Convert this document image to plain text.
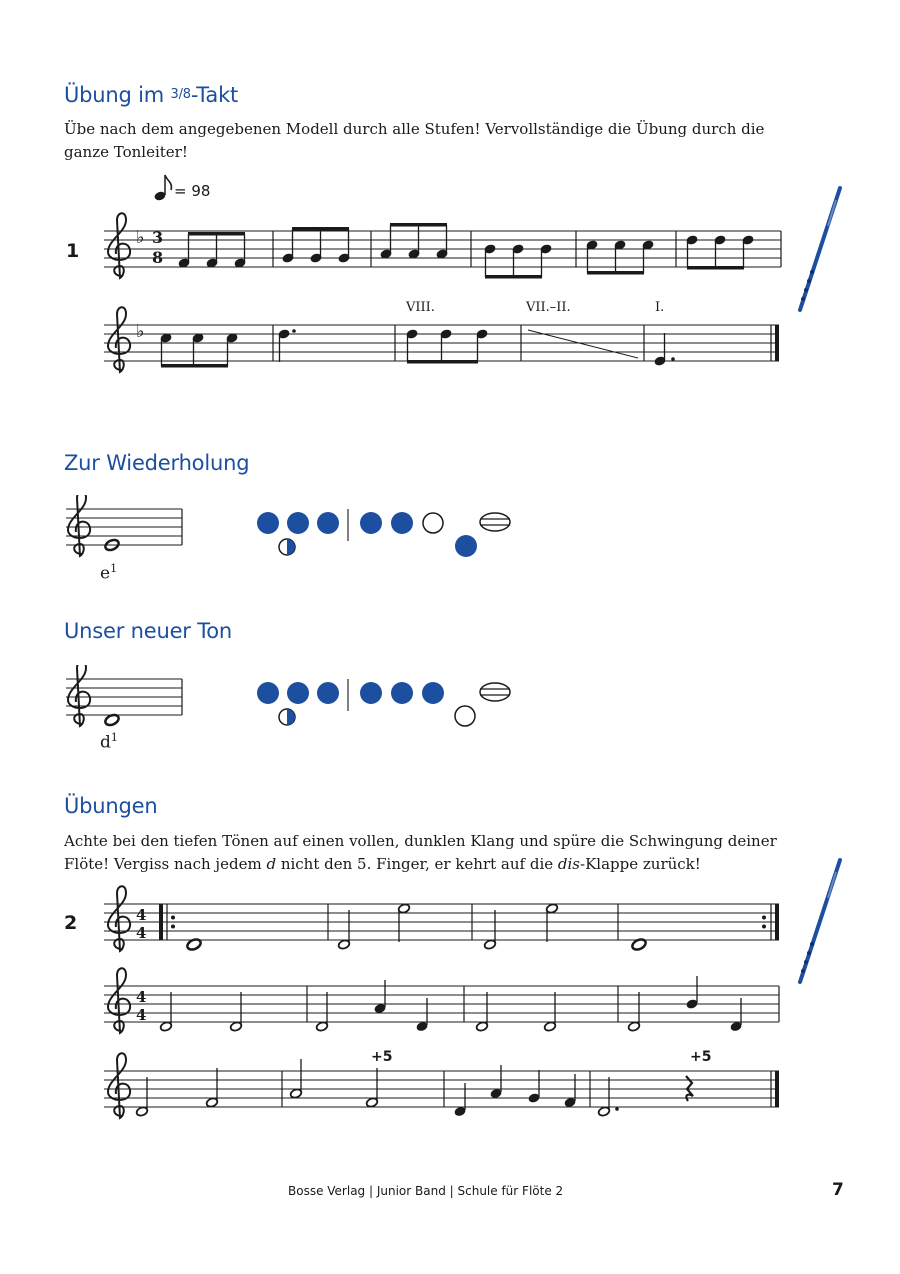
Übung im 3/8-Takt
Übe nach dem angegebenen Modell durch alle Stufen! Vervollständige die Übung durch die
ganze Tonleiter!
= 98
1
♭ 3
8
♭
VIII.	VII.–II.	I.
Zur Wiederholung
$e^1$
Unser neuer Ton
$d^1$
Übungen
Achte bei den tiefen Tönen auf einen vollen, dunklen Klang und spüre die Schwingung deiner
Flöte! Vergiss nach jedem d nicht den 5. Finger, er kehrt auf die dis-Klappe zurück!
2	4
4
4
4
+5	+5
Bosse Verlag | Junior Band | Schule für Flöte 2	7
